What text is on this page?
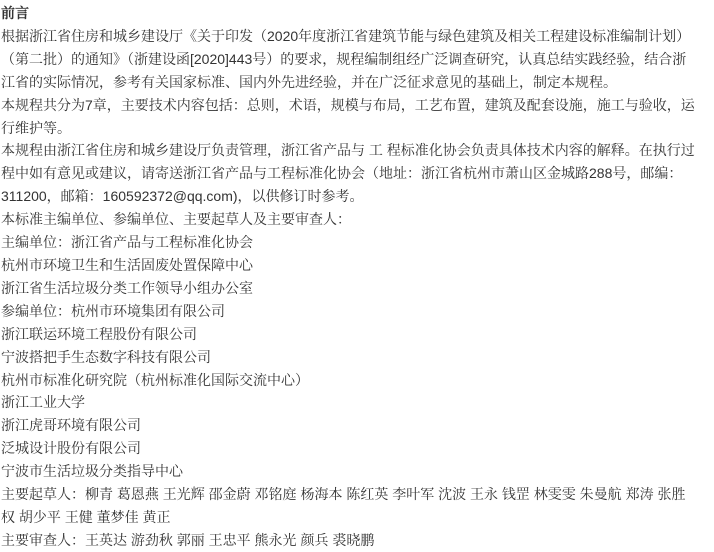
前言

根据浙江省住房和城乡建设厅《关于印发（2020年度浙江省建筑节能与绿色建筑及相关工程建设标准编制计划）（第二批）的通知》（浙建设函[2020]443号）的要求，规程编制组经广泛调查研究，认真总结实践经验，结合浙江省的实际情况，参考有关国家标准、国内外先进经验，并在广泛征求意见的基础上，制定本规程。

本规程共分为7章，主要技术内容包括：总则，术语，规模与布局，工艺布置，建筑及配套设施，施工与验收，运行维护等。

本规程由浙江省住房和城乡建设厅负责管理，浙江省产品与 工 程标准化协会负责具体技术内容的解释。在执行过程中如有意见或建议，请寄送浙江省产品与工程标准化协会（地址：浙江省杭州市萧山区金城路288号，邮编：311200，邮箱：160592372@qq.com)，以供修订时参考。

本标准主编单位、参编单位、主要起草人及主要审查人：

主编单位：浙江省产品与工程标准化协会

杭州市环境卫生和生活固废处置保障中心

浙江省生活垃圾分类工作领导小组办公室

参编单位：杭州市环境集团有限公司

浙江联运环境工程股份有限公司

宁波搭把手生态数字科技有限公司

杭州市标准化研究院（杭州标准化国际交流中心）

浙江工业大学

浙江虎哥环境有限公司

泛城设计股份有限公司

宁波市生活垃圾分类指导中心

主要起草人：柳青 葛恩燕 王光辉 邵金蔚 邓铭庭 杨海本 陈红英 李叶军 沈波 王永 钱罡 林雯雯 朱曼航 郑涛 张胜权 胡少平 王健 董梦佳 黄正

主要审查人：王英达 游劲秋 郭丽 王忠平 熊永光 颜兵 裘晓鹏
